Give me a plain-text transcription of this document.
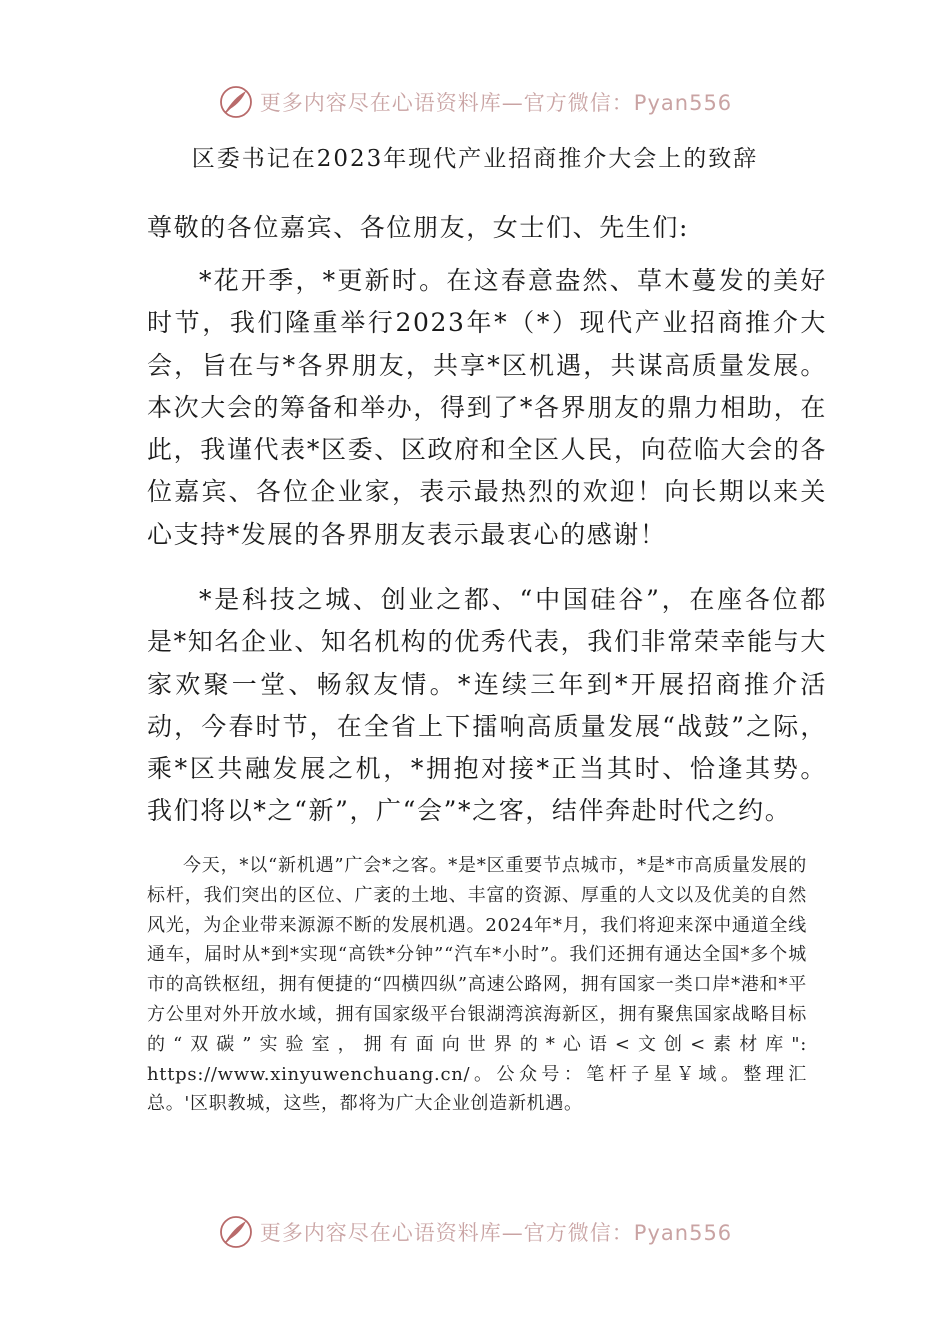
更多内容尽在心语资料库—官方微信：Pyan556
区委书记在2023年现代产业招商推介大会上的致辞

尊敬的各位嘉宾、各位朋友，女士们、先生们:

*花开季，*更新时。在这春意盎然、草木蔓发的美好时节，我们隆重举行2023年*（*）现代产业招商推介大会，旨在与*各界朋友，共享*区机遇，共谋高质量发展。本次大会的筹备和举办，得到了*各界朋友的鼎力相助，在此，我谨代表*区委、区政府和全区人民，向莅临大会的各位嘉宾、各位企业家，表示最热烈的欢迎！向长期以来关心支持*发展的各界朋友表示最衷心的感谢！

*是科技之城、创业之都、“中国硅谷”，在座各位都是*知名企业、知名机构的优秀代表，我们非常荣幸能与大家欢聚一堂、畅叙友情。*连续三年到*开展招商推介活动，今春时节，在全省上下擂响高质量发展“战鼓”之际，乘*区共融发展之机，*拥抱对接*正当其时、恰逢其势。我们将以*之“新”，广“会”*之客，结伴奔赴时代之约。

今天，*以“新机遇”广会*之客。*是*区重要节点城市，*是*市高质量发展的标杆，我们突出的区位、广袤的土地、丰富的资源、厚重的人文以及优美的自然风光，为企业带来源源不断的发展机遇。2024年*月，我们将迎来深中通道全线通车，届时从*到*实现“高铁*分钟”“汽车*小时”。我们还拥有通达全国*多个城市的高铁枢纽，拥有便捷的“四横四纵”高速公路网，拥有国家一类口岸*港和*平方公里对外开放水域，拥有国家级平台银湖湾滨海新区，拥有聚焦国家战略目标的“双碳”实验室，拥有面向世界的*心语<文创<素材库": https://www.xinyuwenchuang.cn/。公众号：笔杆子星￥域。整理汇总。'区职教城，这些，都将为广大企业创造新机遇。

更多内容尽在心语资料库—官方微信：Pyan556
